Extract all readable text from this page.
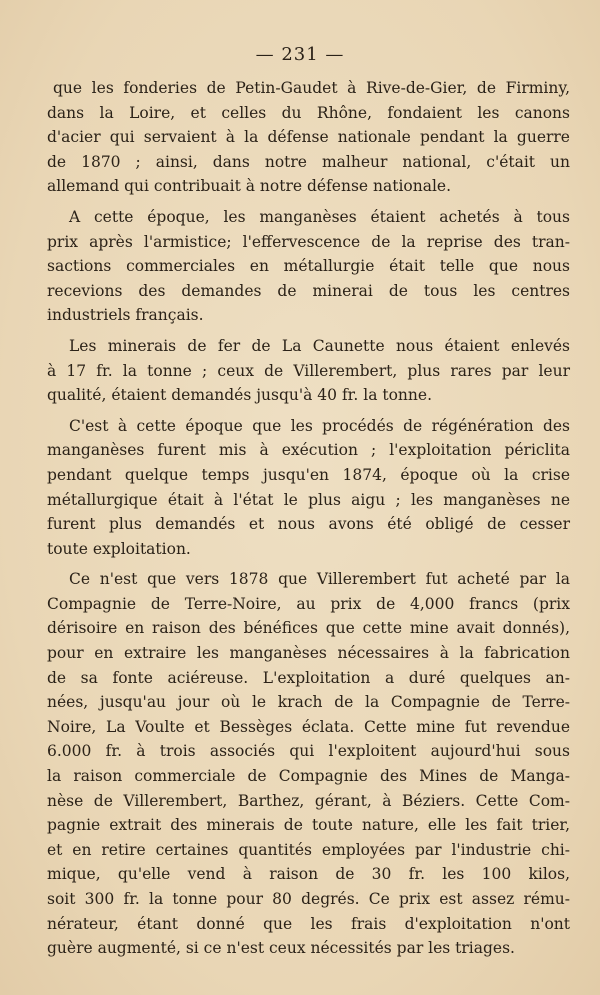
— 231 —
que les fonderies de Petin-Gaudet à Rive-de-Gier, de Firminy,
dans la Loire, et celles du Rhône, fondaient les canons
d'acier qui servaient à la défense nationale pendant la guerre
de 1870 ; ainsi, dans notre malheur national, c'était un
allemand qui contribuait à notre défense nationale.
A cette époque, les manganèses étaient achetés à tous
prix après l'armistice; l'effervescence de la reprise des tran-
sactions commerciales en métallurgie était telle que nous
recevions des demandes de minerai de tous les centres
industriels français.
Les minerais de fer de La Caunette nous étaient enlevés
à 17 fr. la tonne ; ceux de Villerembert, plus rares par leur
qualité, étaient demandés jusqu'à 40 fr. la tonne.
C'est à cette époque que les procédés de régénération des
manganèses furent mis à exécution ; l'exploitation périclita
pendant quelque temps jusqu'en 1874, époque où la crise
métallurgique était à l'état le plus aigu ; les manganèses ne
furent plus demandés et nous avons été obligé de cesser
toute exploitation.
Ce n'est que vers 1878 que Villerembert fut acheté par la
Compagnie de Terre-Noire, au prix de 4,000 francs (prix
dérisoire en raison des bénéfices que cette mine avait donnés),
pour en extraire les manganèses nécessaires à la fabrication
de sa fonte aciéreuse. L'exploitation a duré quelques an-
nées, jusqu'au jour où le krach de la Compagnie de Terre-
Noire, La Voulte et Bessèges éclata. Cette mine fut revendue
6.000 fr. à trois associés qui l'exploitent aujourd'hui sous
la raison commerciale de Compagnie des Mines de Manga-
nèse de Villerembert, Barthez, gérant, à Béziers. Cette Com-
pagnie extrait des minerais de toute nature, elle les fait trier,
et en retire certaines quantités employées par l'industrie chi-
mique, qu'elle vend à raison de 30 fr. les 100 kilos,
soit 300 fr. la tonne pour 80 degrés. Ce prix est assez rému-
nérateur, étant donné que les frais d'exploitation n'ont
guère augmenté, si ce n'est ceux nécessités par les triages.
